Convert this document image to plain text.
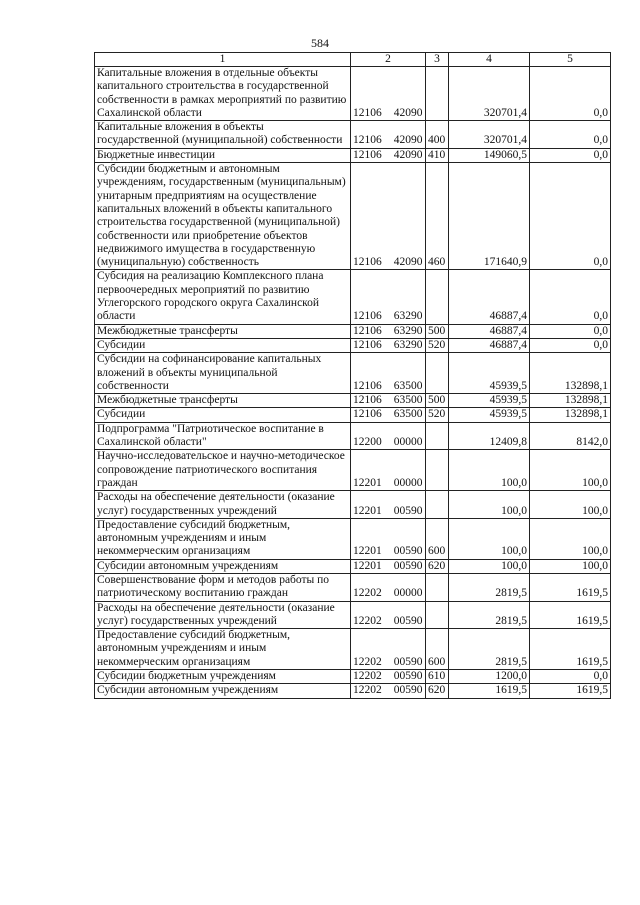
584
1	2	3	4	5
Капитальные вложения в отдельные объекты капитального строительства в государственной собственности в рамках мероприятий по развитию Сахалинской области	12106 42090		320701,4	0,0
Капитальные вложения в объекты государственной (муниципальной) собственности	12106 42090	400	320701,4	0,0
Бюджетные инвестиции	12106 42090	410	149060,5	0,0
Субсидии бюджетным и автономным учреждениям, государственным (муниципальным) унитарным предприятиям на осуществление капитальных вложений в объекты капитального строительства государственной (муниципальной) собственности или приобретение объектов недвижимого имущества в государственную (муниципальную) собственность	12106 42090	460	171640,9	0,0
Субсидия на реализацию Комплексного плана первоочередных мероприятий по развитию Углегорского городского округа Сахалинской области	12106 63290		46887,4	0,0
Межбюджетные трансферты	12106 63290	500	46887,4	0,0
Субсидии	12106 63290	520	46887,4	0,0
Субсидии на софинансирование капитальных вложений в объекты муниципальной собственности	12106 63500		45939,5	132898,1
Межбюджетные трансферты	12106 63500	500	45939,5	132898,1
Субсидии	12106 63500	520	45939,5	132898,1
Подпрограмма "Патриотическое воспитание в Сахалинской области"	12200 00000		12409,8	8142,0
Научно-исследовательское и научно-методическое сопровождение патриотического воспитания граждан	12201 00000		100,0	100,0
Расходы на обеспечение деятельности (оказание услуг) государственных учреждений	12201 00590		100,0	100,0
Предоставление субсидий бюджетным, автономным учреждениям и иным некоммерческим организациям	12201 00590	600	100,0	100,0
Субсидии автономным учреждениям	12201 00590	620	100,0	100,0
Совершенствование форм и методов работы по патриотическому воспитанию граждан	12202 00000		2819,5	1619,5
Расходы на обеспечение деятельности (оказание услуг) государственных учреждений	12202 00590		2819,5	1619,5
Предоставление субсидий бюджетным, автономным учреждениям и иным некоммерческим организациям	12202 00590	600	2819,5	1619,5
Субсидии бюджетным учреждениям	12202 00590	610	1200,0	0,0
Субсидии автономным учреждениям	12202 00590	620	1619,5	1619,5
